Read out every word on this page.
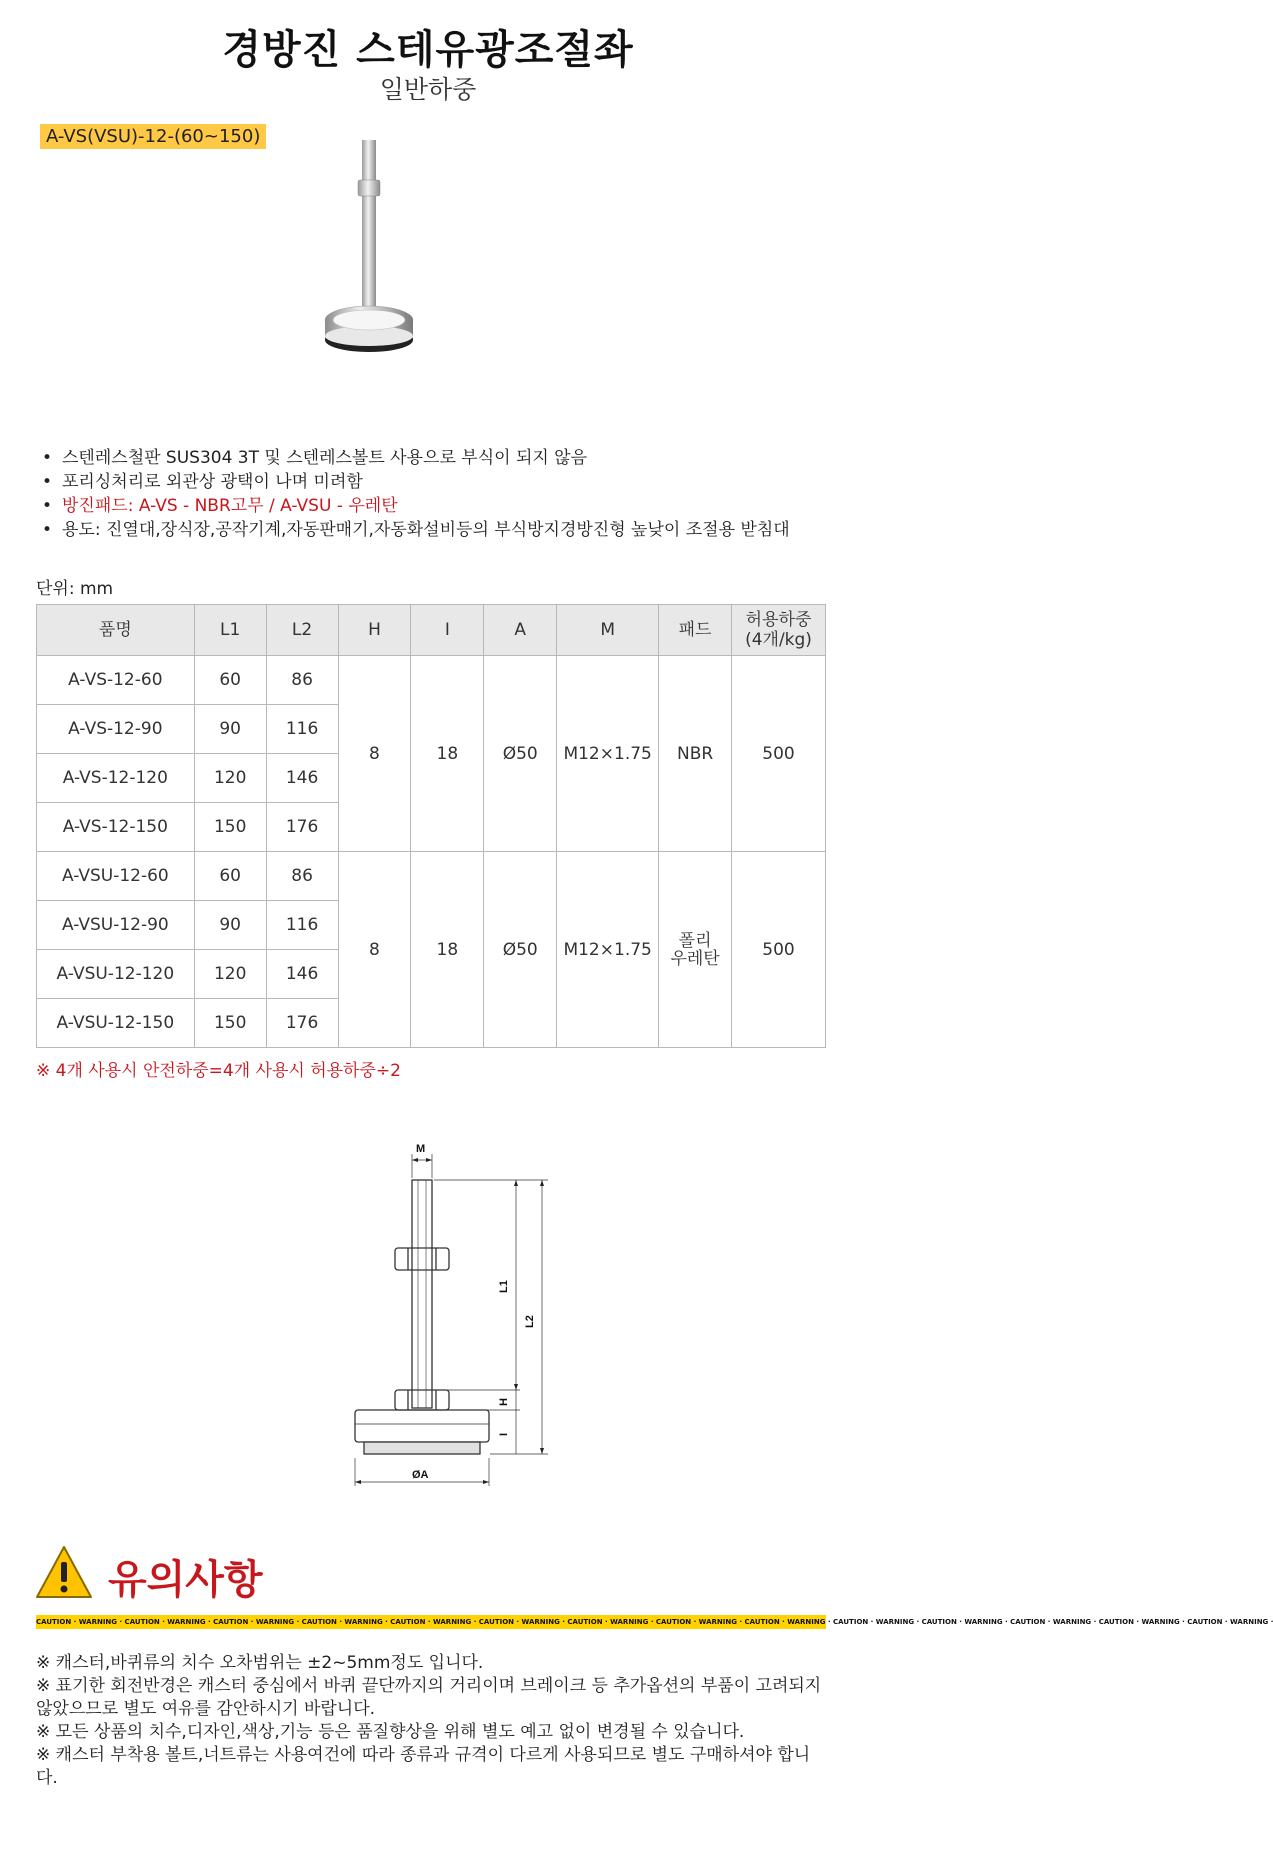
경방진 스테유광조절좌
일반하중
A-VS(VSU)-12-(60~150)
• 스텐레스철판 SUS304 3T 및 스텐레스볼트 사용으로 부식이 되지 않음
• 포리싱처리로 외관상 광택이 나며 미려함
• 방진패드: A-VS - NBR고무 / A-VSU - 우레탄
• 용도: 진열대,장식장,공작기계,자동판매기,자동화설비등의 부식방지경방진형 높낮이 조절용 받침대
단위: mm
품명	L1	L2	H	I	A	M	패드	허용하중
(4개/kg)
A-VS-12-60	60	86	8	18	Ø50	M12×1.75	NBR	500
A-VS-12-90	90	116						
A-VS-12-120	120	146						
A-VS-12-150	150	176						
A-VSU-12-60	60	86	8	18	Ø50	M12×1.75	폴리
우레탄	500
A-VSU-12-90	90	116						
A-VSU-12-120	120	146						
A-VSU-12-150	150	176						
※ 4개 사용시 안전하중=4개 사용시 허용하중÷2
M
L1
L2
H
I
ØA
유의사항
CAUTION · WARNING · CAUTION · WARNING · CAUTION · WARNING · CAUTION · WARNING · CAUTION · WARNING · CAUTION · WARNING · CAUTION · WARNING · CAUTION · WARNING · CAUTION · WARNING · CAUTION · WARNING · CAUTION · WARNING · CAUTION · WARNING · CAUTION · WARNING · CAUTION · WARNING ·

※ 캐스터,바퀴류의 치수 오차범위는 ±2~5mm정도 입니다.

※ 표기한 회전반경은 캐스터 중심에서 바퀴 끝단까지의 거리이며 브레이크 등 추가옵션의 부품이 고려되지 않았으므로 별도 여유를 감안하시기 바랍니다.

※ 모든 상품의 치수,디자인,색상,기능 등은 품질향상을 위해 별도 예고 없이 변경될 수 있습니다.

※ 캐스터 부착용 볼트,너트류는 사용여건에 따라 종류과 규격이 다르게 사용되므로 별도 구매하셔야 합니다.
